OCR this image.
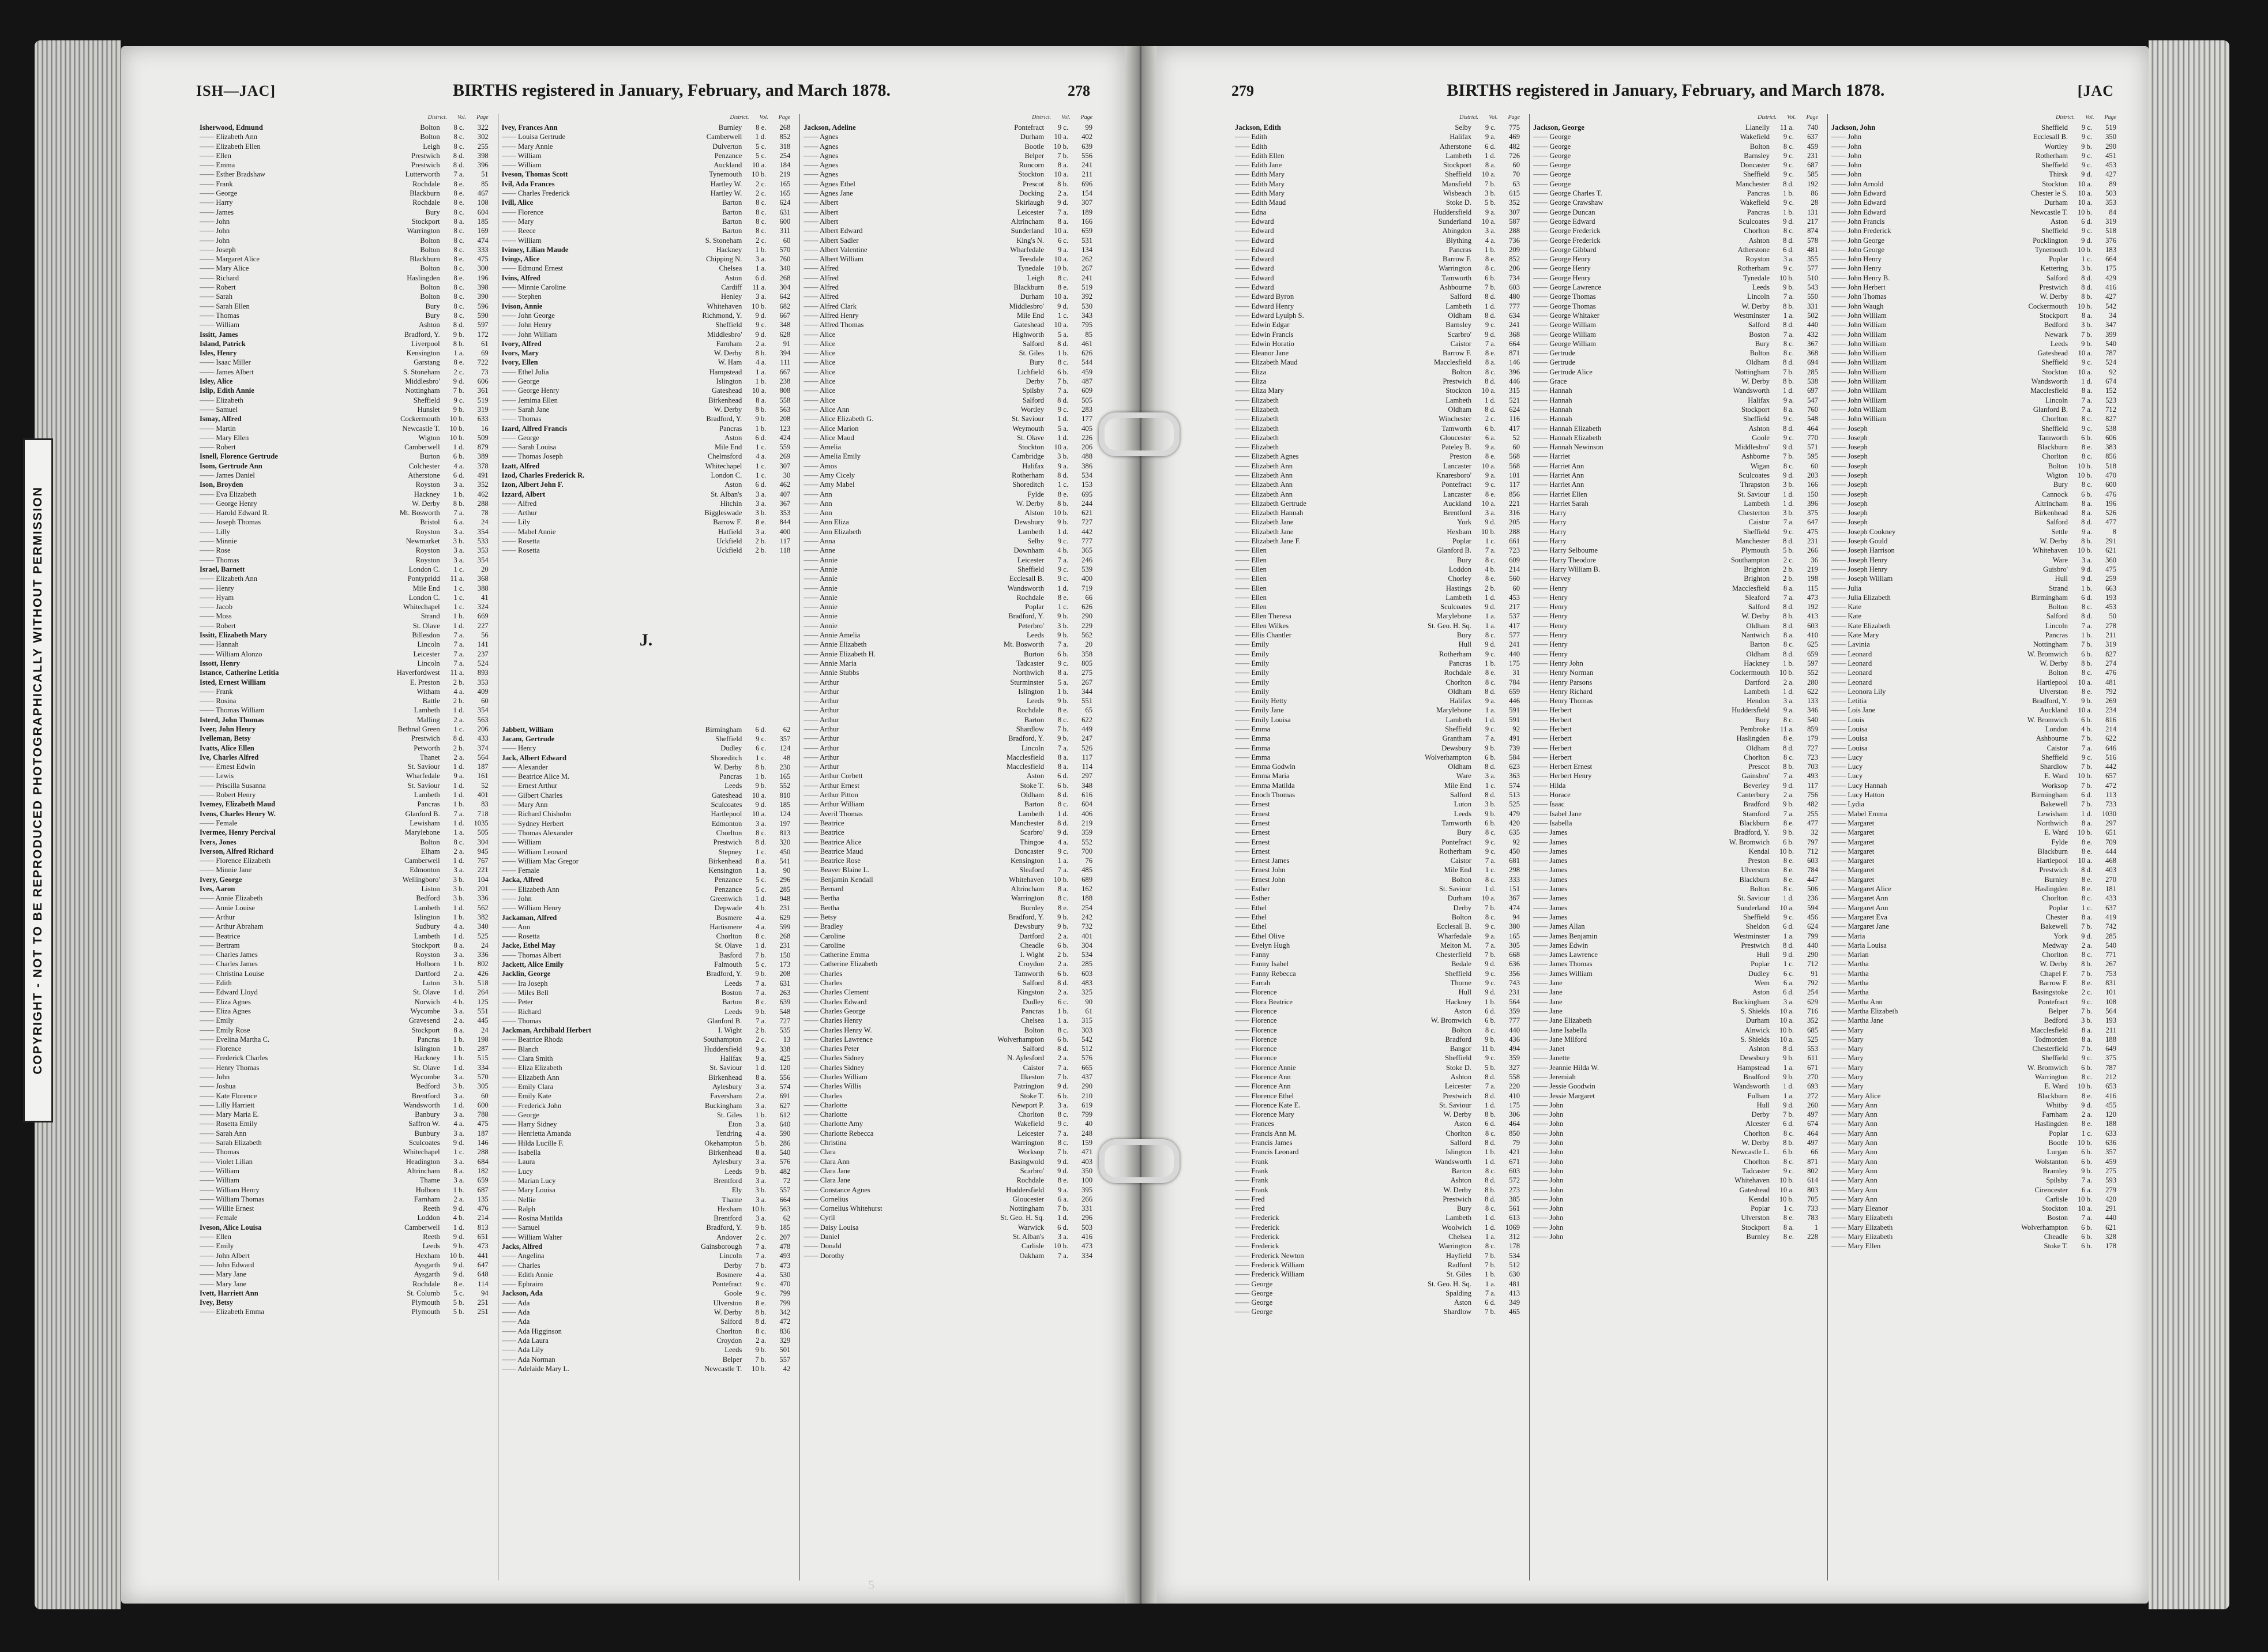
ISH—JAC]	BIRTHS registered in January, February, and March 1878.	278
District. Vol. Page
Isherwood, Edmund	Bolton	8 c.	322
—— Elizabeth Ann	Bolton	8 c.	302
—— Elizabeth Ellen	Leigh	8 c.	255
—— Ellen	Prestwich	8 d.	398
—— Emma	Prestwich	8 d.	396
—— Esther Bradshaw	Lutterworth	7 a.	51
—— Frank	Rochdale	8 e.	85
—— George	Blackburn	8 e.	467
—— Harry	Rochdale	8 e.	108
—— James	Bury	8 c.	604
—— John	Stockport	8 a.	185
—— John	Warrington	8 c.	169
—— John	Bolton	8 c.	474
—— Joseph	Bolton	8 c.	333
—— Margaret Alice	Blackburn	8 e.	475
—— Mary Alice	Bolton	8 c.	300
—— Richard	Haslingden	8 e.	196
—— Robert	Bolton	8 c.	398
—— Sarah	Bolton	8 c.	390
—— Sarah Ellen	Bury	8 c.	596
—— Thomas	Bury	8 c.	590
—— William	Ashton	8 d.	597
Issitt, James	Bradford, Y.	9 b.	172
Island, Patrick	Liverpool	8 b.	61
Isles, Henry	Kensington	1 a.	69
—— Isaac Miller	Garstang	8 e.	722
—— James Albert	S. Stoneham	2 c.	73
Isley, Alice	Middlesbro'	9 d.	606
Islip, Edith Annie	Nottingham	7 b.	361
—— Elizabeth	Sheffield	9 c.	519
—— Samuel	Hunslet	9 b.	319
Ismay, Alfred	Cockermouth	10 b.	633
—— Martin	Newcastle T.	10 b.	16
—— Mary Ellen	Wigton	10 b.	509
—— Robert	Camberwell	1 d.	879
Isnell, Florence Gertrude	Burton	6 b.	389
Isom, Gertrude Ann	Colchester	4 a.	378
—— James Daniel	Atherstone	6 d.	491
Ison, Broyden	Royston	3 a.	352
—— Eva Elizabeth	Hackney	1 b.	462
—— George Henry	W. Derby	8 b.	288
—— Harold Edward R.	Mt. Bosworth	7 a.	78
—— Joseph Thomas	Bristol	6 a.	24
—— Lilly	Royston	3 a.	354
—— Minnie	Newmarket	3 b.	533
—— Rose	Royston	3 a.	353
—— Thomas	Royston	3 a.	354
Israel, Barnett	London C.	1 c.	20
—— Elizabeth Ann	Pontypridd	11 a.	368
—— Henry	Mile End	1 c.	388
—— Hyam	London C.	1 c.	41
—— Jacob	Whitechapel	1 c.	324
—— Moss	Strand	1 b.	669
—— Robert	St. Olave	1 d.	227
Issitt, Elizabeth Mary	Billesdon	7 a.	56
—— Hannah	Lincoln	7 a.	141
—— William Alonzo	Leicester	7 a.	237
Issott, Henry	Lincoln	7 a.	524
Istance, Catherine Letitia	Haverfordwest	11 a.	893
Isted, Ernest William	E. Preston	2 b.	353
—— Frank	Witham	4 a.	409
—— Rosina	Battle	2 b.	60
—— Thomas William	Lambeth	1 d.	354
Isterd, John Thomas	Malling	2 a.	563
Iveer, John Henry	Bethnal Green	1 c.	206
Ivelleman, Betsy	Prestwich	8 d.	433
Ivatts, Alice Ellen	Petworth	2 b.	374
Ive, Charles Alfred	Thanet	2 a.	564
—— Ernest Edwin	St. Saviour	1 d.	187
—— Lewis	Wharfedale	9 a.	161
—— Priscilla Susanna	St. Saviour	1 d.	52
—— Robert Henry	Lambeth	1 d.	401
Ivemey, Elizabeth Maud	Pancras	1 b.	83
Ivens, Charles Henry W.	Glanford B.	7 a.	718
—— Female	Lewisham	1 d.	1035
Ivermee, Henry Percival	Marylebone	1 a.	505
Ivers, Jones	Bolton	8 c.	304
Iverson, Alfred Richard	Elham	2 a.	945
—— Florence Elizabeth	Camberwell	1 d.	767
—— Minnie Jane	Edmonton	3 a.	221
Ivery, George	Wellingboro'	3 b.	104
Ives, Aaron	Liston	3 b.	201
—— Annie Elizabeth	Bedford	3 b.	336
—— Annie Louise	Lambeth	1 d.	562
—— Arthur	Islington	1 b.	382
—— Arthur Abraham	Sudbury	4 a.	340
—— Beatrice	Lambeth	1 d.	525
—— Bertram	Stockport	8 a.	24
—— Charles James	Royston	3 a.	336
—— Charles James	Holborn	1 b.	802
—— Christina Louise	Dartford	2 a.	426
—— Edith	Luton	3 b.	518
—— Edward Lloyd	St. Olave	1 d.	264
—— Eliza Agnes	Norwich	4 b.	125
—— Eliza Agnes	Wycombe	3 a.	551
—— Emily	Gravesend	2 a.	445
—— Emily Rose	Stockport	8 a.	24
—— Evelina Martha C.	Pancras	1 b.	198
—— Florence	Islington	1 b.	287
—— Frederick Charles	Hackney	1 b.	515
—— Henry Thomas	St. Olave	1 d.	334
—— John	Wycombe	3 a.	570
—— Joshua	Bedford	3 b.	305
—— Kate Florence	Brentford	3 a.	60
—— Lilly Harriett	Wandsworth	1 d.	600
—— Mary Maria E.	Banbury	3 a.	788
—— Rosetta Emily	Saffron W.	4 a.	475
—— Sarah Ann	Bunbury	3 a.	187
—— Sarah Elizabeth	Sculcoates	9 d.	146
—— Thomas	Whitechapel	1 c.	288
—— Violet Lilian	Headington	3 a.	684
—— William	Altrincham	8 a.	182
—— William	Thame	3 a.	659
—— William Henry	Holborn	1 b.	687
—— William Thomas	Farnham	2 a.	135
—— Willie Ernest	Reeth	9 d.	476
—— Female	Loddon	4 b.	214
Iveson, Alice Louisa	Camberwell	1 d.	813
—— Ellen	Reeth	9 d.	651
—— Emily	Leeds	9 b.	473
—— John Albert	Hexham	10 b.	441
—— John Edward	Aysgarth	9 d.	647
—— Mary Jane	Aysgarth	9 d.	648
—— Mary Jane	Rochdale	8 e.	114
Ivett, Harriett Ann	St. Columb	5 c.	94
Ivey, Betsy	Plymouth	5 b.	251
—— Elizabeth Emma	Plymouth	5 b.	251
District. Vol. Page
Ivey, Frances Ann	Burnley	8 e.	268
—— Louisa Gertrude	Camberwell	1 d.	852
—— Mary Annie	Dulverton	5 c.	318
—— William	Penzance	5 c.	254
—— William	Auckland	10 a.	184
Iveson, Thomas Scott	Tynemouth	10 b.	219
Ivil, Ada Frances	Hartley W.	2 c.	165
—— Charles Frederick	Hartley W.	2 c.	165
Ivill, Alice	Barton	8 c.	624
—— Florence	Barton	8 c.	631
—— Mary	Barton	8 c.	600
—— Reece	Barton	8 c.	311
—— William	S. Stoneham	2 c.	60
Ivimey, Lilian Maude	Hackney	1 b.	570
Ivings, Alice	Chipping N.	3 a.	760
—— Edmund Ernest	Chelsea	1 a.	340
Ivins, Alfred	Aston	6 d.	268
—— Minnie Caroline	Cardiff	11 a.	304
—— Stephen	Henley	3 a.	642
Ivison, Annie	Whitehaven	10 b.	682
—— John George	Richmond, Y.	9 d.	667
—— John Henry	Sheffield	9 c.	348
—— John William	Middlesbro'	9 d.	628
Ivory, Alfred	Farnham	2 a.	91
Ivors, Mary	W. Derby	8 b.	394
Ivory, Ellen	W. Ham	4 a.	111
—— Ethel Julia	Hampstead	1 a.	667
—— George	Islington	1 b.	238
—— George Henry	Gateshead	10 a.	808
—— Jemima Ellen	Birkenhead	8 a.	558
—— Sarah Jane	W. Derby	8 b.	563
—— Thomas	Bradford, Y.	9 b.	208
Izard, Alfred Francis	Pancras	1 b.	123
—— George	Aston	6 d.	424
—— Sarah Louisa	Mile End	1 c.	559
—— Thomas Joseph	Chelmsford	4 a.	269
Izatt, Alfred	Whitechapel	1 c.	307
Izod, Charles Frederick R.	London C.	1 c.	30
Izon, Albert John F.	Aston	6 d.	462
Izzard, Albert	St. Alban's	3 a.	407
—— Alfred	Hitchin	3 a.	367
—— Arthur	Biggleswade	3 b.	353
—— Lily	Barrow F.	8 e.	844
—— Mabel Annie	Hatfield	3 a.	400
—— Rosetta	Uckfield	2 b.	117
—— Rosetta	Uckfield	2 b.	118
J.
Jabbett, William	Birmingham	6 d.	62
Jacam, Gertrude	Sheffield	9 c.	357
—— Henry	Dudley	6 c.	124
Jack, Albert Edward	Shoreditch	1 c.	48
—— Alexander	W. Derby	8 b.	230
—— Beatrice Alice M.	Pancras	1 b.	165
—— Ernest Arthur	Leeds	9 b.	552
—— Gilbert Charles	Gateshead	10 a.	810
—— Mary Ann	Sculcoates	9 d.	185
—— Richard Chisholm	Hartlepool	10 a.	124
—— Sydney Herbert	Edmonton	3 a.	197
—— Thomas Alexander	Chorlton	8 c.	813
—— William	Prestwich	8 d.	320
—— William Leonard	Stepney	1 c.	450
—— William Mac Gregor	Birkenhead	8 a.	541
—— Female	Kensington	1 a.	90
Jacka, Alfred	Penzance	5 c.	296
—— Elizabeth Ann	Penzance	5 c.	285
—— John	Greenwich	1 d.	948
—— William Henry	Depwade	4 b.	231
Jackaman, Alfred	Bosmere	4 a.	629
—— Ann	Hartismere	4 a.	599
—— Rosetta	Chorlton	8 c.	268
Jacke, Ethel May	St. Olave	1 d.	231
—— Thomas Albert	Basford	7 b.	150
Jackett, Alice Emily	Falmouth	5 c.	173
Jacklin, George	Bradford, Y.	9 b.	208
—— Ira Joseph	Leeds	7 a.	631
—— Miles Bell	Boston	7 a.	263
—— Peter	Barton	8 c.	639
—— Richard	Leeds	9 b.	548
—— Thomas	Glanford B.	7 a.	727
Jackman, Archibald Herbert	I. Wight	2 b.	535
—— Beatrice Rhoda	Southampton	2 c.	13
—— Blanch	Huddersfield	9 a.	338
—— Clara Smith	Halifax	9 a.	425
—— Eliza Elizabeth	St. Saviour	1 d.	120
—— Elizabeth Ann	Birkenhead	8 a.	556
—— Emily Clara	Aylesbury	3 a.	574
—— Emily Kate	Faversham	2 a.	691
—— Frederick John	Buckingham	3 a.	627
—— George	St. Giles	1 b.	612
—— Harry Sidney	Eton	3 a.	640
—— Henrietta Amanda	Tendring	4 a.	590
—— Hilda Lucille F.	Okehampton	5 b.	286
—— Isabella	Birkenhead	8 a.	540
—— Laura	Aylesbury	3 a.	576
—— Lucy	Leeds	9 b.	482
—— Marian Lucy	Brentford	3 a.	72
—— Mary Louisa	Ely	3 b.	557
—— Nellie	Thame	3 a.	664
—— Ralph	Hexham	10 b.	563
—— Rosina Matilda	Brentford	3 a.	62
—— Samuel	Bradford, Y.	9 b.	185
—— William Walter	Andover	2 c.	207
Jacks, Alfred	Gainsborough	7 a.	478
—— Angelina	Lincoln	7 a.	493
—— Charles	Derby	7 b.	473
—— Edith Annie	Bosmere	4 a.	530
—— Ephraim	Pontefract	9 c.	470
Jackson, Ada	Goole	9 c.	799
—— Ada	Ulverston	8 e.	799
—— Ada	W. Derby	8 b.	342
—— Ada	Salford	8 d.	472
—— Ada Higginson	Chorlton	8 c.	836
—— Ada Laura	Croydon	2 a.	329
—— Ada Lily	Leeds	9 b.	501
—— Ada Norman	Belper	7 b.	557
—— Adelaide Mary L.	Newcastle T.	10 b.	42
District. Vol. Page
Jackson, Adeline	Pontefract	9 c.	99
—— Agnes	Durham	10 a.	402
—— Agnes	Bootle	10 b.	639
—— Agnes	Belper	7 b.	556
—— Agnes	Runcorn	8 a.	241
—— Agnes	Stockton	10 a.	211
—— Agnes Ethel	Prescot	8 b.	696
—— Agnes Jane	Docking	2 a.	154
—— Albert	Skirlaugh	9 d.	307
—— Albert	Leicester	7 a.	189
—— Albert	Altrincham	8 a.	166
—— Albert Edward	Sunderland	10 a.	659
—— Albert Sadler	King's N.	6 c.	531
—— Albert Valentine	Wharfedale	9 a.	134
—— Albert William	Teesdale	10 a.	262
—— Alfred	Tynedale	10 b.	267
—— Alfred	Leigh	8 c.	241
—— Alfred	Blackburn	8 e.	519
—— Alfred	Durham	10 a.	392
—— Alfred Clark	Middlesbro'	9 d.	530
—— Alfred Henry	Mile End	1 c.	343
—— Alfred Thomas	Gateshead	10 a.	795
—— Alice	Highworth	5 a.	85
—— Alice	Salford	8 d.	461
—— Alice	St. Giles	1 b.	626
—— Alice	Bury	8 c.	544
—— Alice	Lichfield	6 b.	459
—— Alice	Derby	7 b.	487
—— Alice	Spilsby	7 a.	609
—— Alice	Salford	8 d.	505
—— Alice Ann	Wortley	9 c.	283
—— Alice Elizabeth G.	St. Saviour	1 d.	177
—— Alice Marion	Weymouth	5 a.	405
—— Alice Maud	St. Olave	1 d.	226
—— Amelia	Stockton	10 a.	206
—— Amelia Emily	Cambridge	3 b.	488
—— Amos	Halifax	9 a.	386
—— Amy Cicely	Rotherham	8 d.	534
—— Amy Mabel	Shoreditch	1 c.	153
—— Ann	Fylde	8 e.	695
—— Ann	W. Derby	8 b.	244
—— Ann	Alston	10 b.	621
—— Ann Eliza	Dewsbury	9 b.	727
—— Ann Elizabeth	Lambeth	1 d.	442
—— Anna	Selby	9 c.	777
—— Anne	Downham	4 b.	365
—— Annie	Leicester	7 a.	246
—— Annie	Sheffield	9 c.	539
—— Annie	Ecclesall B.	9 c.	400
—— Annie	Wandsworth	1 d.	719
—— Annie	Rochdale	8 e.	66
—— Annie	Poplar	1 c.	626
—— Annie	Bradford, Y.	9 b.	290
—— Annie	Peterbro'	3 b.	229
—— Annie Amelia	Leeds	9 b.	562
—— Annie Elizabeth	Mt. Bosworth	7 a.	20
—— Annie Elizabeth H.	Burton	6 b.	358
—— Annie Maria	Tadcaster	9 c.	805
—— Annie Stubbs	Northwich	8 a.	275
—— Arthur	Sturminster	5 a.	267
—— Arthur	Islington	1 b.	344
—— Arthur	Leeds	9 b.	551
—— Arthur	Rochdale	8 e.	65
—— Arthur	Barton	8 c.	622
—— Arthur	Shardlow	7 b.	449
—— Arthur	Bradford, Y.	9 b.	247
—— Arthur	Lincoln	7 a.	526
—— Arthur	Macclesfield	8 a.	117
—— Arthur	Macclesfield	8 a.	114
—— Arthur Corbett	Aston	6 d.	297
—— Arthur Ernest	Stoke T.	6 b.	348
—— Arthur Pitton	Oldham	8 d.	616
—— Arthur William	Barton	8 c.	604
—— Averil Thomas	Lambeth	1 d.	406
—— Beatrice	Manchester	8 d.	219
—— Beatrice	Scarbro'	9 d.	359
—— Beatrice Alice	Thingoe	4 a.	552
—— Beatrice Maud	Doncaster	9 c.	700
—— Beatrice Rose	Kensington	1 a.	76
—— Beaver Blaine L.	Sleaford	7 a.	485
—— Benjamin Kendall	Whitehaven	10 b.	689
—— Bernard	Altrincham	8 a.	162
—— Bertha	Warrington	8 c.	188
—— Bertha	Burnley	8 e.	254
—— Betsy	Bradford, Y.	9 b.	242
—— Bradley	Dewsbury	9 b.	732
—— Caroline	Dartford	2 a.	401
—— Caroline	Cheadle	6 b.	304
—— Catherine Emma	I. Wight	2 b.	534
—— Catherine Elizabeth	Croydon	2 a.	285
—— Charles	Tamworth	6 b.	603
—— Charles	Salford	8 d.	483
—— Charles Clement	Kingston	2 a.	325
—— Charles Edward	Dudley	6 c.	90
—— Charles George	Pancras	1 b.	61
—— Charles Henry	Chelsea	1 a.	315
—— Charles Henry W.	Bolton	8 c.	303
—— Charles Lawrence	Wolverhampton	6 b.	542
—— Charles Peter	Salford	8 d.	512
—— Charles Sidney	N. Aylesford	2 a.	576
—— Charles Sidney	Caistor	7 a.	665
—— Charles William	Ilkeston	7 b.	437
—— Charles Willis	Patrington	9 d.	290
—— Charles	Stoke T.	6 b.	210
—— Charlotte	Newport P.	3 a.	619
—— Charlotte	Chorlton	8 c.	799
—— Charlotte Amy	Wakefield	9 c.	40
—— Charlotte Rebecca	Leicester	7 a.	248
—— Christina	Warrington	8 c.	159
—— Clara	Worksop	7 b.	471
—— Clara Ann	Basingwold	9 d.	403
—— Clara Jane	Scarbro'	9 d.	350
—— Clara Jane	Rochdale	8 e.	100
—— Constance Agnes	Huddersfield	9 a.	395
—— Cornelius	Gloucester	6 a.	266
—— Cornelius Whitehurst	Nottingham	7 b.	331
—— Cyril	St. Geo. H. Sq.	1 d.	296
—— Daisy Louisa	Warwick	6 d.	503
—— Daniel	St. Alban's	3 a.	416
—— Donald	Carlisle	10 b.	473
—— Dorothy	Oakham	7 a.	334
279	BIRTHS registered in January, February, and March 1878.	[JAC
District. Vol. Page
Jackson, Edith	Selby	9 c.	775
—— Edith	Halifax	9 a.	469
—— Edith	Atherstone	6 d.	482
—— Edith Ellen	Lambeth	1 d.	726
—— Edith Jane	Stockport	8 a.	60
—— Edith Mary	Sheffield	10 a.	70
—— Edith Mary	Mansfield	7 b.	63
—— Edith Mary	Wisbeach	3 b.	615
—— Edith Maud	Stoke D.	5 b.	352
—— Edna	Huddersfield	9 a.	307
—— Edward	Sunderland	10 a.	587
—— Edward	Abingdon	3 a.	288
—— Edward	Blything	4 a.	736
—— Edward	Pancras	1 b.	209
—— Edward	Barrow F.	8 e.	852
—— Edward	Warrington	8 c.	206
—— Edward	Tamworth	6 b.	734
—— Edward	Ashbourne	7 b.	603
—— Edward Byron	Salford	8 d.	480
—— Edward Henry	Lambeth	1 d.	777
—— Edward Lyulph S.	Oldham	8 d.	634
—— Edwin Edgar	Barnsley	9 c.	241
—— Edwin Francis	Scarbro'	9 d.	368
—— Edwin Horatio	Caistor	7 a.	664
—— Eleanor Jane	Barrow F.	8 e.	871
—— Elizabeth Maud	Macclesfield	8 a.	146
—— Eliza	Bolton	8 c.	396
—— Eliza	Prestwich	8 d.	446
—— Eliza Mary	Stockton	10 a.	315
—— Elizabeth	Lambeth	1 d.	521
—— Elizabeth	Oldham	8 d.	624
—— Elizabeth	Winchester	2 c.	116
—— Elizabeth	Tamworth	6 b.	417
—— Elizabeth	Gloucester	6 a.	52
—— Elizabeth	Pateley B.	9 a.	60
—— Elizabeth Agnes	Preston	8 e.	568
—— Elizabeth Ann	Lancaster	10 a.	568
—— Elizabeth Ann	Knaresboro'	9 a.	101
—— Elizabeth Ann	Pontefract	9 c.	117
—— Elizabeth Ann	Lancaster	8 e.	856
—— Elizabeth Gertrude	Auckland	10 a.	221
—— Elizabeth Hannah	Brentford	3 a.	316
—— Elizabeth Jane	York	9 d.	205
—— Elizabeth Jane	Hexham	10 b.	288
—— Elizabeth Jane F.	Poplar	1 c.	661
—— Ellen	Glanford B.	7 a.	723
—— Ellen	Bury	8 c.	609
—— Ellen	Loddon	4 b.	214
—— Ellen	Chorley	8 e.	560
—— Ellen	Hastings	2 b.	60
—— Ellen	Lambeth	1 d.	453
—— Ellen	Sculcoates	9 d.	217
—— Ellen Theresa	Marylebone	1 a.	537
—— Ellen Wilkes	St. Geo. H. Sq.	1 a.	417
—— Ellis Chantler	Bury	8 c.	577
—— Emily	Hull	9 d.	241
—— Emily	Rotherham	9 c.	440
—— Emily	Pancras	1 b.	175
—— Emily	Rochdale	8 e.	31
—— Emily	Chorlton	8 c.	784
—— Emily	Oldham	8 d.	659
—— Emily Hetty	Halifax	9 a.	446
—— Emily Jane	Marylebone	1 a.	591
—— Emily Louisa	Lambeth	1 d.	591
—— Emma	Sheffield	9 c.	92
—— Emma	Grantham	7 a.	491
—— Emma	Dewsbury	9 b.	739
—— Emma	Wolverhampton	6 b.	584
—— Emma Godwin	Oldham	8 d.	623
—— Emma Maria	Ware	3 a.	363
—— Emma Matilda	Mile End	1 c.	574
—— Enoch Thomas	Salford	8 d.	513
—— Ernest	Luton	3 b.	525
—— Ernest	Leeds	9 b.	479
—— Ernest	Tamworth	6 b.	420
—— Ernest	Bury	8 c.	635
—— Ernest	Pontefract	9 c.	92
—— Ernest	Rotherham	9 c.	450
—— Ernest James	Caistor	7 a.	681
—— Ernest John	Mile End	1 c.	298
—— Ernest John	Bolton	8 c.	333
—— Esther	St. Saviour	1 d.	151
—— Esther	Durham	10 a.	367
—— Ethel	Derby	7 b.	474
—— Ethel	Bolton	8 c.	94
—— Ethel	Ecclesall B.	9 c.	380
—— Ethel Olive	Wharfedale	9 a.	165
—— Evelyn Hugh	Melton M.	7 a.	305
—— Fanny	Chesterfield	7 b.	668
—— Fanny Isabel	Bedale	9 d.	636
—— Fanny Rebecca	Sheffield	9 c.	356
—— Farrah	Thorne	9 c.	743
—— Florence	Hull	9 d.	231
—— Flora Beatrice	Hackney	1 b.	564
—— Florence	Aston	6 d.	359
—— Florence	W. Bromwich	6 b.	777
—— Florence	Bolton	8 c.	440
—— Florence	Bradford	9 b.	436
—— Florence	Bangor	11 b.	494
—— Florence	Sheffield	9 c.	359
—— Florence Annie	Stoke D.	5 b.	327
—— Florence Ann	Ashton	8 d.	558
—— Florence Ann	Leicester	7 a.	220
—— Florence Ethel	Prestwich	8 d.	410
—— Florence Kate E.	St. Saviour	1 d.	175
—— Florence Mary	W. Derby	8 b.	306
—— Frances	Aston	6 d.	464
—— Francis Ann M.	Chorlton	8 c.	850
—— Francis James	Salford	8 d.	79
—— Francis Leonard	Islington	1 b.	421
—— Frank	Wandsworth	1 d.	671
—— Frank	Barton	8 c.	603
—— Frank	Ashton	8 d.	572
—— Frank	W. Derby	8 b.	273
—— Fred	Prestwich	8 d.	385
—— Fred	Bury	8 c.	561
—— Frederick	Lambeth	1 d.	613
—— Frederick	Woolwich	1 d.	1069
—— Frederick	Chelsea	1 a.	312
—— Frederick	Warrington	8 c.	178
—— Frederick Newton	Hayfield	7 b.	534
—— Frederick William	Radford	7 b.	512
—— Frederick William	St. Giles	1 b.	630
—— George	St. Geo. H. Sq.	1 a.	481
—— George	Spalding	7 a.	413
—— George	Aston	6 d.	349
—— George	Shardlow	7 b.	465
District. Vol. Page
Jackson, George	Llanelly	11 a.	740
—— George	Wakefield	9 c.	637
—— George	Bolton	8 c.	459
—— George	Barnsley	9 c.	231
—— George	Doncaster	9 c.	687
—— George	Sheffield	9 c.	585
—— George	Manchester	8 d.	192
—— George Charles T.	Pancras	1 b.	86
—— George Crawshaw	Wakefield	9 c.	28
—— George Duncan	Pancras	1 b.	131
—— George Edward	Sculcoates	9 d.	217
—— George Frederick	Chorlton	8 c.	874
—— George Frederick	Ashton	8 d.	578
—— George Gibbard	Atherstone	6 d.	481
—— George Henry	Royston	3 a.	355
—— George Henry	Rotherham	9 c.	577
—— George Henry	Tynedale	10 b.	510
—— George Lawrence	Leeds	9 b.	543
—— George Thomas	Lincoln	7 a.	550
—— George Thomas	W. Derby	8 b.	331
—— George Whitaker	Westminster	1 a.	502
—— George William	Salford	8 d.	440
—— George William	Boston	7 a.	432
—— George William	Bury	8 c.	367
—— Gertrude	Bolton	8 c.	368
—— Gertrude	Oldham	8 d.	694
—— Gertrude Alice	Nottingham	7 b.	285
—— Grace	W. Derby	8 b.	538
—— Hannah	Wandsworth	1 d.	697
—— Hannah	Halifax	9 a.	547
—— Hannah	Stockport	8 a.	760
—— Hannah	Sheffield	9 c.	548
—— Hannah Elizabeth	Ashton	8 d.	464
—— Hannah Elizabeth	Goole	9 c.	770
—— Hannah Newinson	Middlesbro'	9 d.	571
—— Harriet	Ashborne	7 b.	595
—— Harriet Ann	Wigan	8 c.	60
—— Harriet Ann	Sculcoates	9 d.	203
—— Harriet Ann	Thrapston	3 b.	166
—— Harriet Ellen	St. Saviour	1 d.	150
—— Harriet Sarah	Lambeth	1 d.	396
—— Harry	Chesterton	3 b.	375
—— Harry	Caistor	7 a.	647
—— Harry	Sheffield	9 c.	475
—— Harry	Manchester	8 d.	231
—— Harry Selbourne	Plymouth	5 b.	266
—— Harry Theodore	Southampton	2 c.	36
—— Harry William B.	Brighton	2 b.	219
—— Harvey	Brighton	2 b.	198
—— Henry	Macclesfield	8 a.	115
—— Henry	Sleaford	7 a.	473
—— Henry	Salford	8 d.	192
—— Henry	W. Derby	8 b.	413
—— Henry	Oldham	8 d.	603
—— Henry	Nantwich	8 a.	410
—— Henry	Barton	8 c.	625
—— Henry	Oldham	8 d.	659
—— Henry John	Hackney	1 b.	597
—— Henry Norman	Cockermouth	10 b.	552
—— Henry Parsons	Dartford	2 a.	280
—— Henry Richard	Lambeth	1 d.	622
—— Henry Thomas	Hendon	3 a.	133
—— Herbert	Huddersfield	9 a.	346
—— Herbert	Bury	8 c.	540
—— Herbert	Pembroke	11 a.	859
—— Herbert	Haslingden	8 e.	179
—— Herbert	Oldham	8 d.	727
—— Herbert	Chorlton	8 c.	723
—— Herbert Ernest	Prescot	8 b.	703
—— Herbert Henry	Gainsbro'	7 a.	493
—— Hilda	Beverley	9 d.	117
—— Horace	Canterbury	2 a.	756
—— Isaac	Bradford	9 b.	482
—— Isabel Jane	Stamford	7 a.	255
—— Isabella	Blackburn	8 e.	477
—— James	Bradford, Y.	9 b.	32
—— James	W. Bromwich	6 b.	797
—— James	Kendal	10 b.	712
—— James	Preston	8 e.	603
—— James	Ulverston	8 e.	784
—— James	Blackburn	8 e.	447
—— James	Bolton	8 c.	506
—— James	St. Saviour	1 d.	236
—— James	Sunderland	10 a.	594
—— James	Sheffield	9 c.	456
—— James Allan	Sheldon	6 d.	624
—— James Benjamin	Westminster	1 a.	799
—— James Edwin	Prestwich	8 d.	440
—— James Lawrence	Hull	9 d.	290
—— James Thomas	Poplar	1 c.	712
—— James William	Dudley	6 c.	91
—— Jane	Wem	6 a.	792
—— Jane	Aston	6 d.	254
—— Jane	Buckingham	3 a.	629
—— Jane	S. Shields	10 a.	716
—— Jane Elizabeth	Durham	10 a.	352
—— Jane Isabella	Alnwick	10 b.	685
—— Jane Milford	S. Shields	10 a.	525
—— Janet	Ashton	8 d.	553
—— Janette	Dewsbury	9 b.	611
—— Jeannie Hilda W.	Hampstead	1 a.	671
—— Jeremiah	Bradford	9 b.	270
—— Jessie Goodwin	Wandsworth	1 d.	693
—— Jessie Margaret	Fulham	1 a.	272
—— John	Hull	9 d.	260
—— John	Derby	7 b.	497
—— John	Alcester	6 d.	674
—— John	Chorlton	8 c.	464
—— John	W. Derby	8 b.	497
—— John	Newcastle L.	6 b.	66
—— John	Chorlton	8 c.	871
—— John	Tadcaster	9 c.	802
—— John	Whitehaven	10 b.	614
—— John	Gateshead	10 a.	803
—— John	Kendal	10 b.	705
—— John	Poplar	1 c.	733
—— John	Ulverston	8 e.	783
—— John	Stockport	8 a.	1
—— John	Burnley	8 e.	228
District. Vol. Page
Jackson, John	Sheffield	9 c.	519
—— John	Ecclesall B.	9 c.	350
—— John	Wortley	9 b.	290
—— John	Rotherham	9 c.	451
—— John	Sheffield	9 c.	453
—— John	Thirsk	9 d.	427
—— John Arnold	Stockton	10 a.	89
—— John Edward	Chester le S.	10 a.	503
—— John Edward	Durham	10 a.	353
—— John Edward	Newcastle T.	10 b.	84
—— John Francis	Aston	6 d.	319
—— John Frederick	Sheffield	9 c.	518
—— John George	Pocklington	9 d.	376
—— John George	Tynemouth	10 b.	183
—— John Henry	Poplar	1 c.	664
—— John Henry	Kettering	3 b.	175
—— John Henry B.	Salford	8 d.	429
—— John Herbert	Prestwich	8 d.	416
—— John Thomas	W. Derby	8 b.	427
—— John Waugh	Cockermouth	10 b.	542
—— John William	Stockport	8 a.	34
—— John William	Bedford	3 b.	347
—— John William	Newark	7 b.	399
—— John William	Leeds	9 b.	540
—— John William	Gateshead	10 a.	787
—— John William	Sheffield	9 c.	524
—— John William	Stockton	10 a.	92
—— John William	Wandsworth	1 d.	674
—— John William	Macclesfield	8 a.	152
—— John William	Lincoln	7 a.	523
—— John William	Glanford B.	7 a.	712
—— John William	Chorlton	8 c.	827
—— Joseph	Sheffield	9 c.	538
—— Joseph	Tamworth	6 b.	606
—— Joseph	Blackburn	8 e.	383
—— Joseph	Chorlton	8 c.	856
—— Joseph	Bolton	10 b.	518
—— Joseph	Wigton	10 b.	470
—— Joseph	Bury	8 c.	600
—— Joseph	Cannock	6 b.	476
—— Joseph	Altrincham	8 a.	196
—— Joseph	Birkenhead	8 a.	526
—— Joseph	Salford	8 d.	477
—— Joseph Cookney	Settle	9 a.	8
—— Joseph Gould	W. Derby	8 b.	291
—— Joseph Harrison	Whitehaven	10 b.	621
—— Joseph Henry	Ware	3 a.	360
—— Joseph Henry	Guisbro'	9 d.	475
—— Joseph William	Hull	9 d.	259
—— Julia	Strand	1 b.	663
—— Julia Elizabeth	Birmingham	6 d.	193
—— Kate	Bolton	8 c.	453
—— Kate	Salford	8 d.	50
—— Kate Elizabeth	Lincoln	7 a.	278
—— Kate Mary	Pancras	1 b.	211
—— Lavinia	Nottingham	7 b.	319
—— Leonard	W. Bromwich	6 b.	827
—— Leonard	W. Derby	8 b.	274
—— Leonard	Bolton	8 c.	476
—— Leonard	Hartlepool	10 a.	481
—— Leonora Lily	Ulverston	8 e.	792
—— Letitia	Bradford, Y.	9 b.	269
—— Lois Jane	Auckland	10 a.	234
—— Louis	W. Bromwich	6 b.	816
—— Louisa	London	4 b.	214
—— Louisa	Ashbourne	7 b.	622
—— Louisa	Caistor	7 a.	646
—— Lucy	Sheffield	9 c.	516
—— Lucy	Shardlow	7 b.	442
—— Lucy	E. Ward	10 b.	657
—— Lucy Hannah	Worksop	7 b.	472
—— Lucy Hatton	Birmingham	6 d.	113
—— Lydia	Bakewell	7 b.	733
—— Mabel Emma	Lewisham	1 d.	1030
—— Margaret	Northwich	8 a.	297
—— Margaret	E. Ward	10 b.	651
—— Margaret	Fylde	8 e.	709
—— Margaret	Blackburn	8 e.	444
—— Margaret	Hartlepool	10 a.	468
—— Margaret	Prestwich	8 d.	403
—— Margaret	Burnley	8 e.	270
—— Margaret Alice	Haslingden	8 e.	181
—— Margaret Ann	Chorlton	8 c.	433
—— Margaret Ann	Poplar	1 c.	637
—— Margaret Eva	Chester	8 a.	419
—— Margaret Jane	Bakewell	7 b.	742
—— Maria	York	9 d.	285
—— Maria Louisa	Medway	2 a.	540
—— Marian	Chorlton	8 c.	771
—— Martha	W. Derby	8 b.	267
—— Martha	Chapel F.	7 b.	753
—— Martha	Barrow F.	8 e.	831
—— Martha	Basingstoke	2 c.	101
—— Martha Ann	Pontefract	9 c.	108
—— Martha Elizabeth	Belper	7 b.	564
—— Martha Jane	Bedford	3 b.	193
—— Mary	Macclesfield	8 a.	211
—— Mary	Todmorden	8 a.	188
—— Mary	Chesterfield	7 b.	649
—— Mary	Sheffield	9 c.	375
—— Mary	W. Bromwich	6 b.	787
—— Mary	Warrington	8 c.	212
—— Mary	E. Ward	10 b.	653
—— Mary Alice	Blackburn	8 e.	416
—— Mary Ann	Whitby	9 d.	455
—— Mary Ann	Farnham	2 a.	120
—— Mary Ann	Haslingden	8 e.	188
—— Mary Ann	Poplar	1 c.	633
—— Mary Ann	Bootle	10 b.	636
—— Mary Ann	Lurgan	6 b.	357
—— Mary Ann	Wolstanton	6 b.	459
—— Mary Ann	Bramley	9 b.	275
—— Mary Ann	Spilsby	7 a.	593
—— Mary Ann	Cirencester	6 a.	279
—— Mary Ann	Carlisle	10 b.	420
—— Mary Eleanor	Stockton	10 a.	291
—— Mary Elizabeth	Boston	7 a.	440
—— Mary Elizabeth	Wolverhampton	6 b.	621
—— Mary Elizabeth	Cheadle	6 b.	328
—— Mary Ellen	Stoke T.	6 b.	178
COPYRIGHT - NOT TO BE REPRODUCED PHOTOGRAPHICALLY WITHOUT PERMISSION
5
